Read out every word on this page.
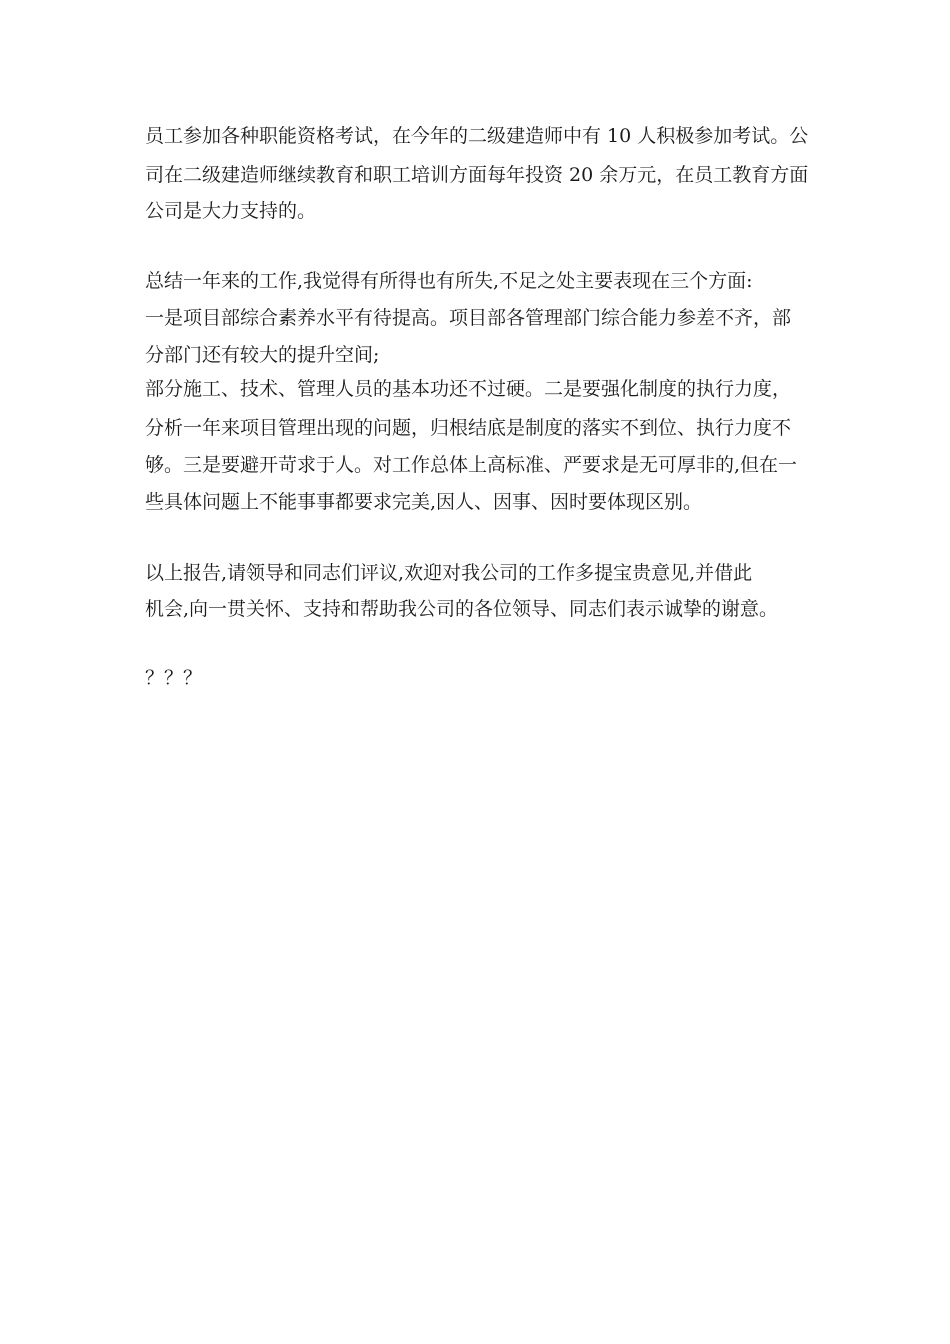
员工参加各种职能资格考试，在今年的二级建造师中有 10 人积极参加考试。公

司在二级建造师继续教育和职工培训方面每年投资 20 余万元，在员工教育方面

公司是大力支持的。

总结一年来的工作,我觉得有所得也有所失,不足之处主要表现在三个方面:

一是项目部综合素养水平有待提高。项目部各管理部门综合能力参差不齐，部

分部门还有较大的提升空间;

部分施工、技术、管理人员的基本功还不过硬。二是要强化制度的执行力度，

分析一年来项目管理出现的问题，归根结底是制度的落实不到位、执行力度不

够。三是要避开苛求于人。对工作总体上高标准、严要求是无可厚非的,但在一

些具体问题上不能事事都要求完美,因人、因事、因时要体现区别。

以上报告,请领导和同志们评议,欢迎对我公司的工作多提宝贵意见,并借此

机会,向一贯关怀、支持和帮助我公司的各位领导、同志们表示诚挚的谢意。

？？？
